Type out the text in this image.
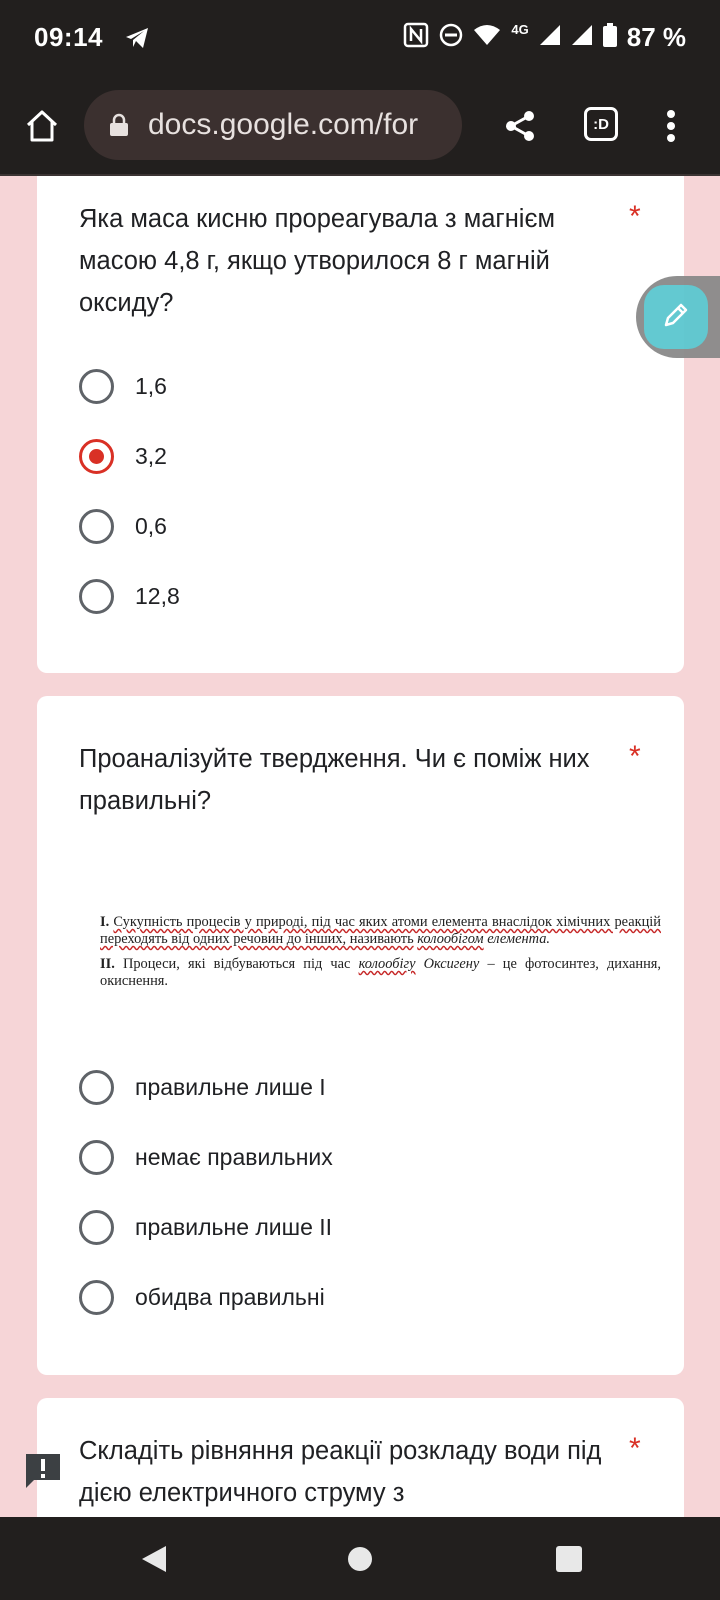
09:14	4G	87 %
docs.google.com/for	:D
Яка маса кисню прореагувала з магнієм масою 4,8 г, якщо утворилося 8 г магній оксиду?
*
1,6
3,2
0,6
12,8
Проаналізуйте твердження. Чи є поміж них правильні?
*

I. Сукупність процесів у природі, під час яких атоми елемента внаслідок хімічних реакцій переходять від одних речовин до інших, називають колообігом елемента.

II. Процеси, які відбуваються під час колообігу Оксигену – це фотосинтез, дихання, окиснення.

правильне лише І
немає правильних
правильне лише ІІ
обидва правильні
Складіть рівняння реакції розкладу води під дією електричного струму з
*
